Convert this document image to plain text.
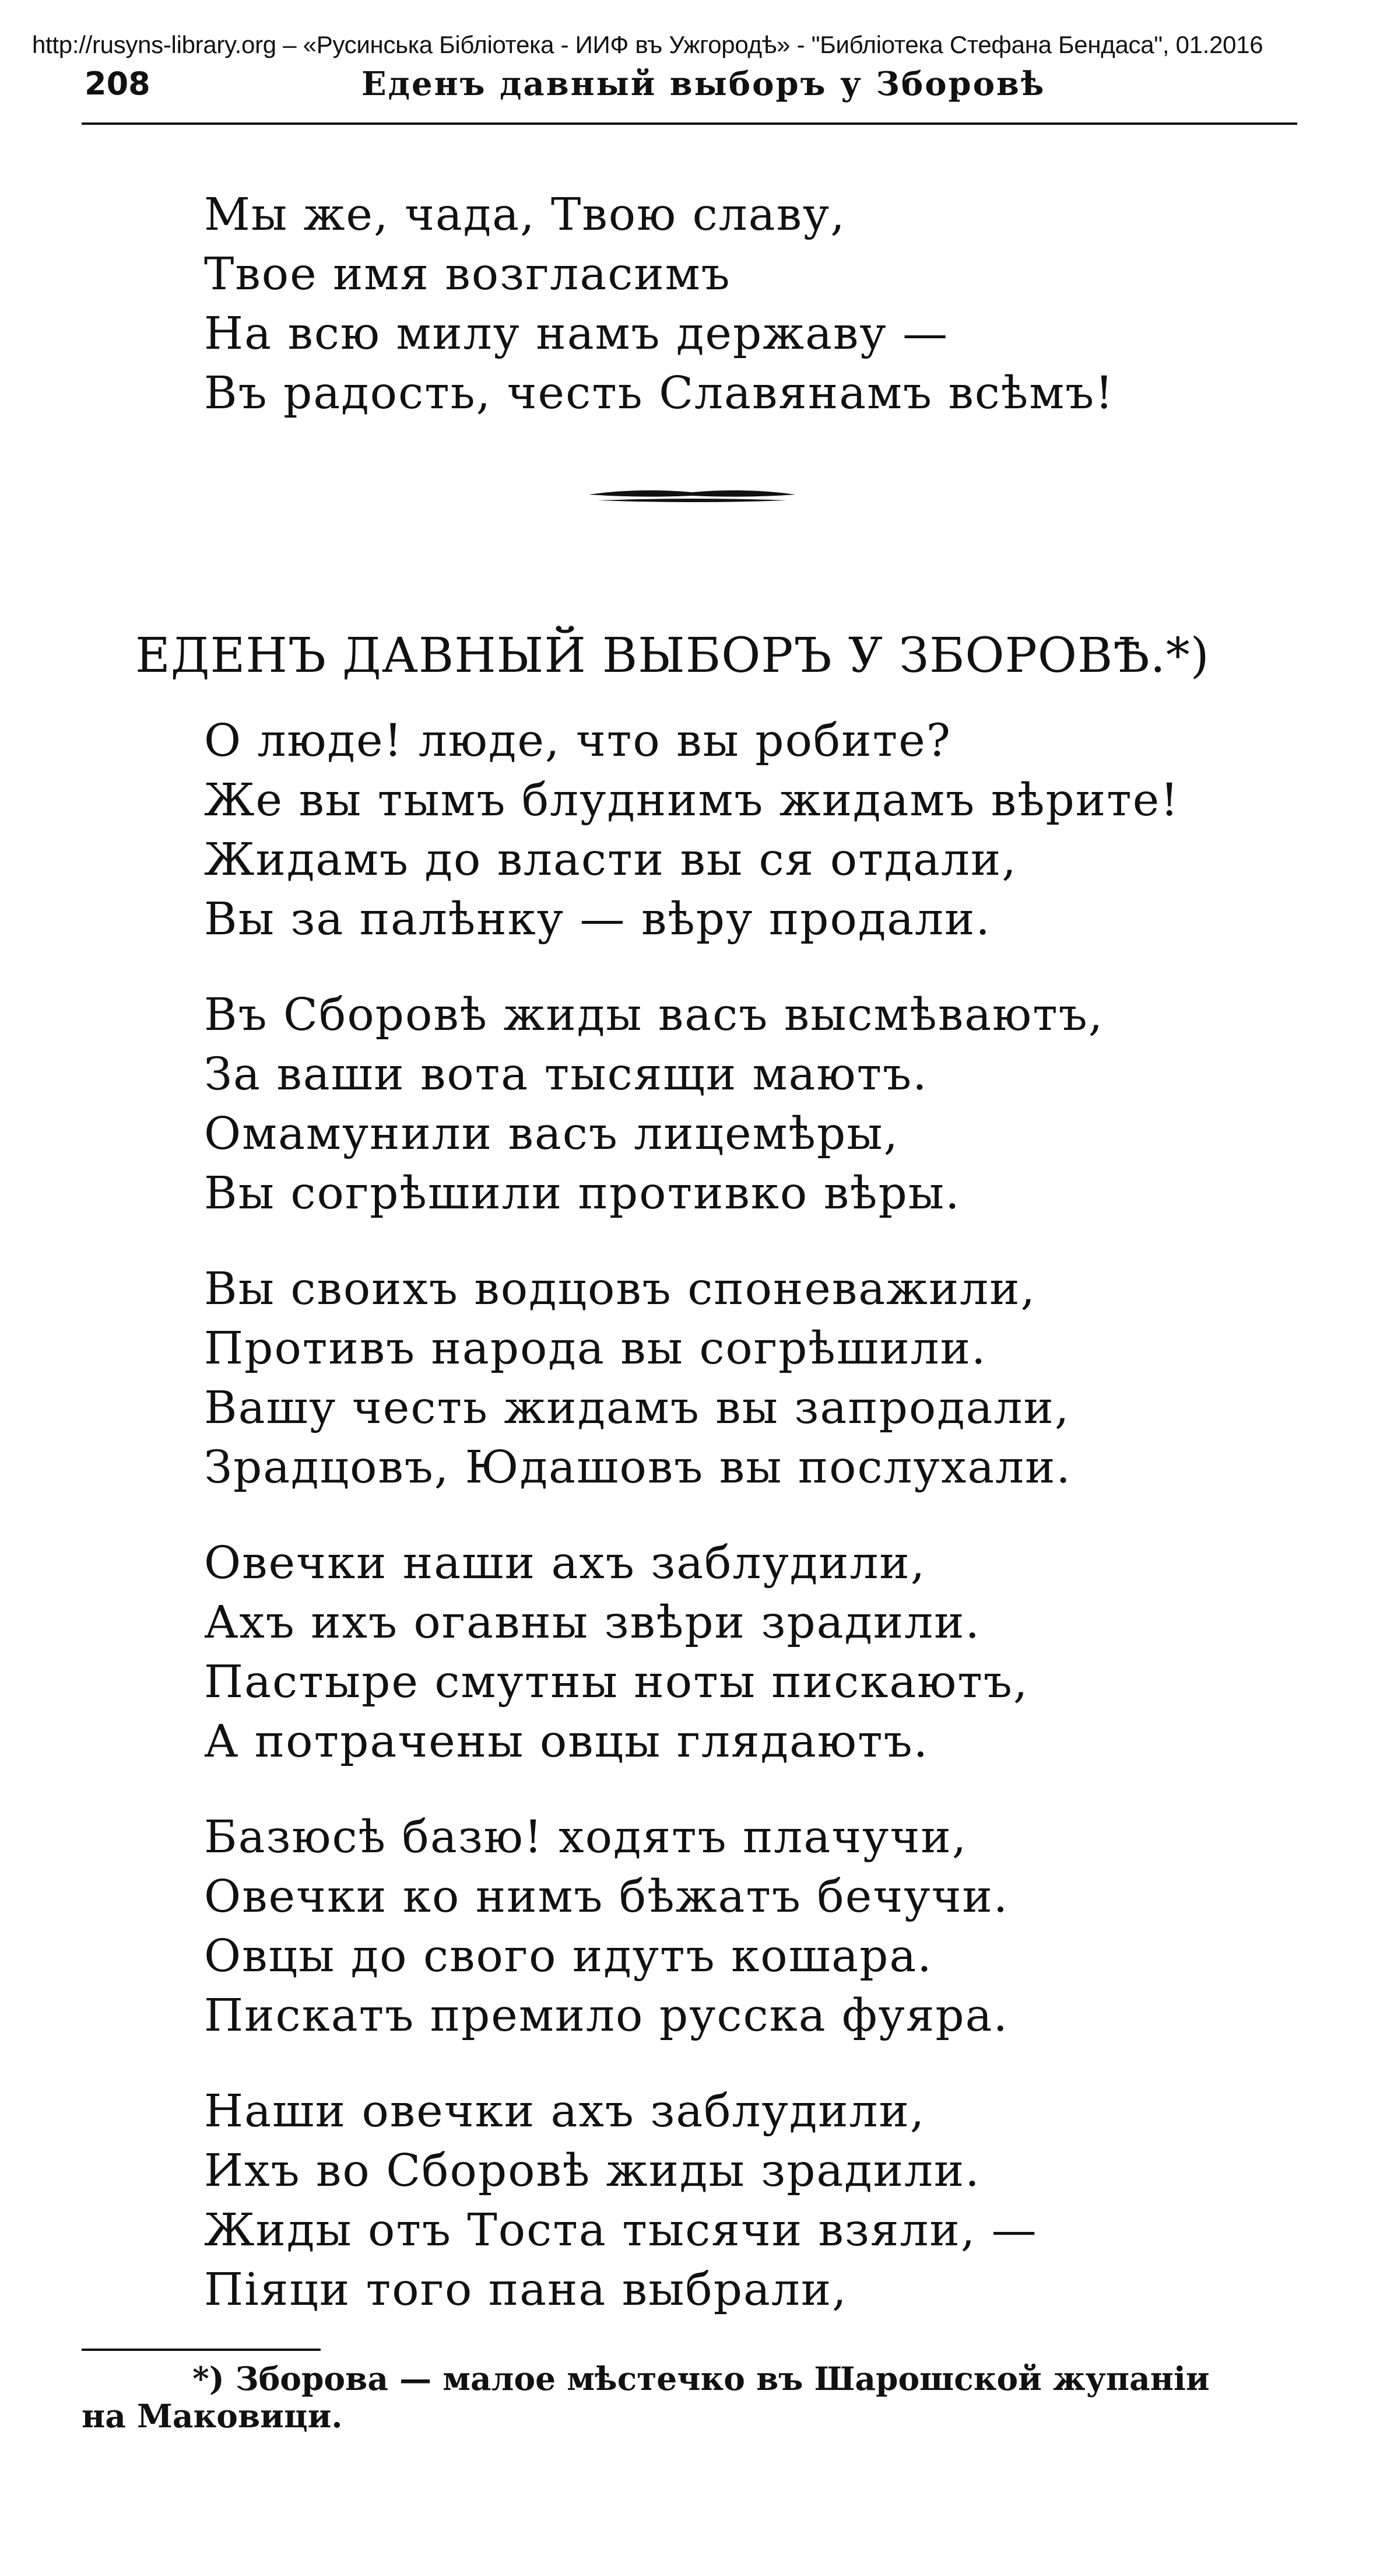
http://rusyns-library.org – «Русинська Бібліотека - ИИФ въ Ужгородѣ» - "Библіотека Стефана Бендаса", 01.2016
208	Еденъ давный выборъ у Зборовѣ
Мы же, чада, Твою славу,
Твое имя возгласимъ
На всю милу намъ державу —
Въ радость, честь Славянамъ всѣмъ!
ЕДЕНЪ ДАВНЫЙ ВЫБОРЪ У ЗБОРОВѢ.*)
О люде! люде, что вы робите?
Же вы тымъ блуднимъ жидамъ вѣрите!
Жидамъ до власти вы ся отдали,
Вы за палѣнку — вѣру продали.
Въ Сборовѣ жиды васъ высмѣваютъ,
За ваши вота тысящи маютъ.
Омамунили васъ лицемѣры,
Вы согрѣшили противко вѣры.
Вы своихъ водцовъ споневажили,
Противъ народа вы согрѣшили.
Вашу честь жидамъ вы запродали,
Зрадцовъ, Юдашовъ вы послухали.
Овечки наши ахъ заблудили,
Ахъ ихъ огавны звѣри зрадили.
Пастыре смутны ноты пискаютъ,
А потрачены овцы глядаютъ.
Базюсѣ базю! ходятъ плачучи,
Овечки ко нимъ бѣжатъ бечучи.
Овцы до свого идутъ кошара.
Пискатъ премило русска фуяра.
Наши овечки ахъ заблудили,
Ихъ во Сборовѣ жиды зрадили.
Жиды отъ Тоста тысячи взяли, —
Піяци того пана выбрали,
*) Зборова — малое мѣстечко въ Шарошской жупаніи
на Маковици.
